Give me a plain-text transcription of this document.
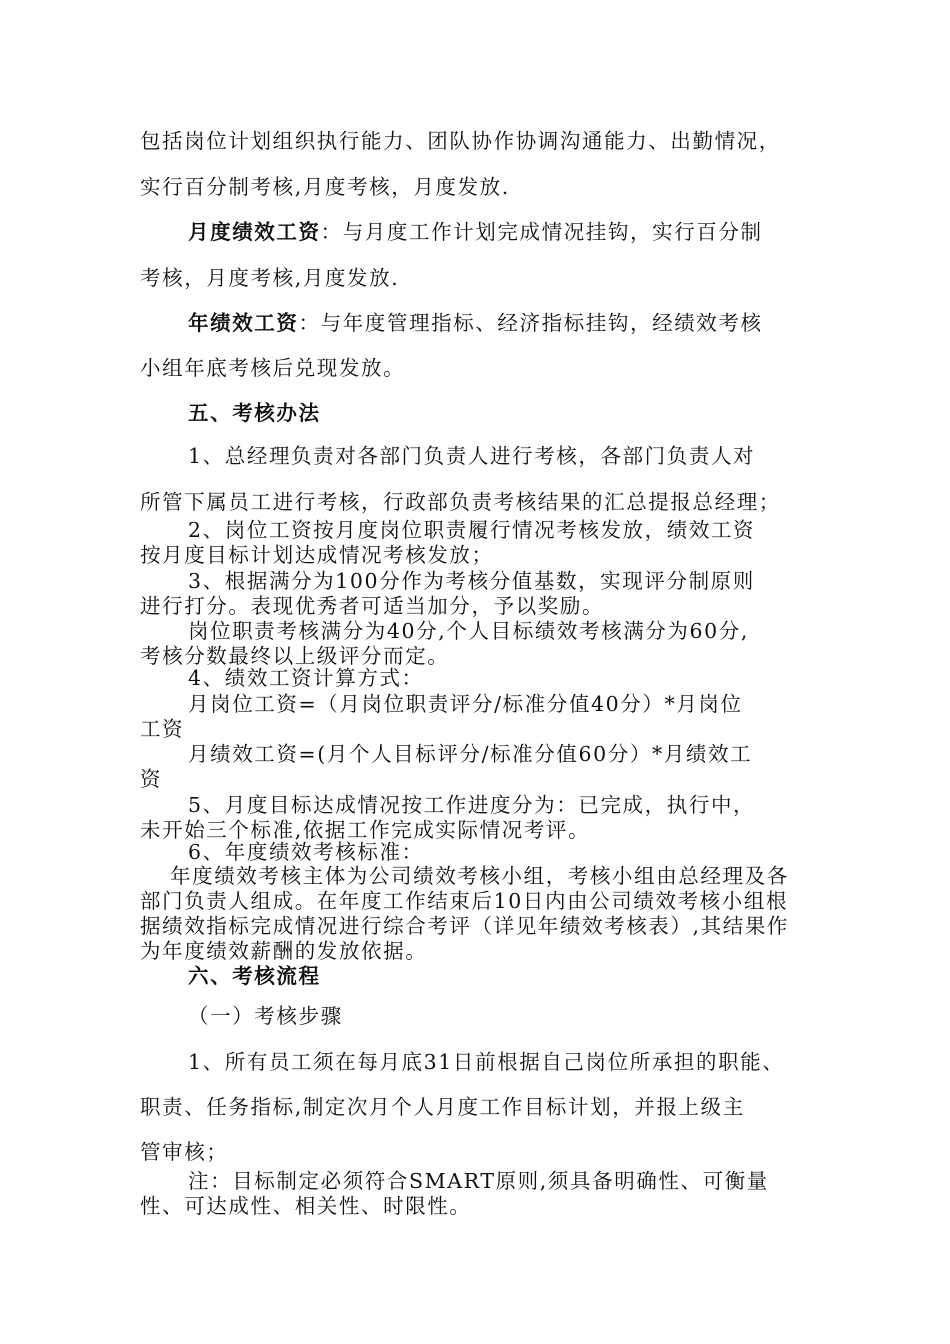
包括岗位计划组织执行能力、团队协作协调沟通能力、出勤情况，
实行百分制考核,月度考核，月度发放.
月度绩效工资：与月度工作计划完成情况挂钩，实行百分制
考核，月度考核,月度发放.
年绩效工资：与年度管理指标、经济指标挂钩，经绩效考核
小组年底考核后兑现发放。
五、考核办法
1、总经理负责对各部门负责人进行考核，各部门负责人对
所管下属员工进行考核，行政部负责考核结果的汇总提报总经理；
2、岗位工资按月度岗位职责履行情况考核发放，绩效工资
按月度目标计划达成情况考核发放；
3、根据满分为100分作为考核分值基数，实现评分制原则
进行打分。表现优秀者可适当加分，予以奖励。
岗位职责考核满分为40分,个人目标绩效考核满分为60分,
考核分数最终以上级评分而定。
4、绩效工资计算方式：
月岗位工资=（月岗位职责评分/标准分值40分）*月岗位
工资
月绩效工资=(月个人目标评分/标准分值60分）*月绩效工
资
5、月度目标达成情况按工作进度分为：已完成，执行中，
未开始三个标准,依据工作完成实际情况考评。
6、年度绩效考核标准：
年度绩效考核主体为公司绩效考核小组，考核小组由总经理及各
部门负责人组成。在年度工作结束后10日内由公司绩效考核小组根
据绩效指标完成情况进行综合考评（详见年绩效考核表）,其结果作
为年度绩效薪酬的发放依据。
六、考核流程
（一）考核步骤
1、所有员工须在每月底31日前根据自己岗位所承担的职能、
职责、任务指标,制定次月个人月度工作目标计划，并报上级主
管审核；
注：目标制定必须符合SMART原则,须具备明确性、可衡量
性、可达成性、相关性、时限性。
